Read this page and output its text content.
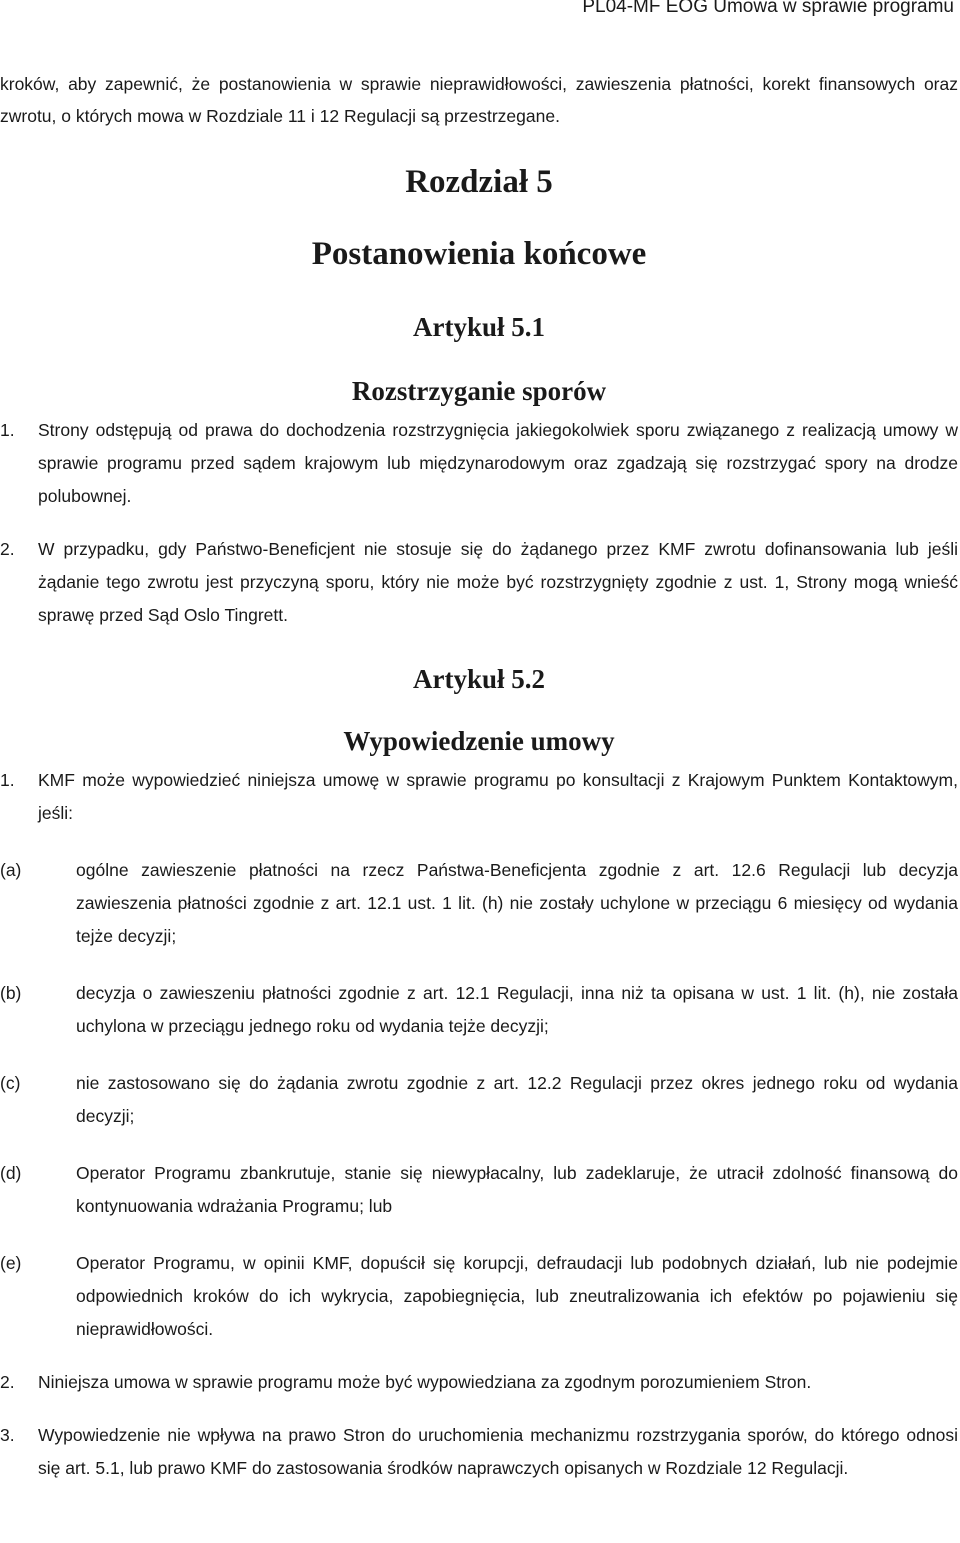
PL04-MF EOG Umowa w sprawie programu

kroków, aby zapewnić, że postanowienia w sprawie nieprawidłowości, zawieszenia płatności, korekt finansowych oraz zwrotu, o których mowa w Rozdziale 11 i 12 Regulacji są przestrzegane.

Rozdział 5
Postanowienia końcowe
Artykuł 5.1
Rozstrzyganie sporów
1.	Strony odstępują od prawa do dochodzenia rozstrzygnięcia jakiegokolwiek sporu związanego z realizacją umowy w sprawie programu przed sądem krajowym lub międzynarodowym oraz zgadzają się rozstrzygać spory na drodze polubownej.
2.	W przypadku, gdy Państwo-Beneficjent nie stosuje się do żądanego przez KMF zwrotu dofinansowania lub jeśli żądanie tego zwrotu jest przyczyną sporu, który nie może być rozstrzygnięty zgodnie z ust. 1, Strony mogą wnieść sprawę przed Sąd Oslo Tingrett.
Artykuł 5.2
Wypowiedzenie umowy
1.	KMF może wypowiedzieć niniejsza umowę w sprawie programu po konsultacji z Krajowym Punktem Kontaktowym, jeśli:
(a)	ogólne zawieszenie płatności na rzecz Państwa-Beneficjenta zgodnie z art. 12.6 Regulacji lub decyzja zawieszenia płatności zgodnie z art. 12.1 ust. 1 lit. (h) nie zostały uchylone w przeciągu 6 miesięcy od wydania tejże decyzji;
(b)	decyzja o zawieszeniu płatności zgodnie z art. 12.1 Regulacji, inna niż ta opisana w ust. 1 lit. (h), nie została uchylona w przeciągu jednego roku od wydania tejże decyzji;
(c)	nie zastosowano się do żądania zwrotu zgodnie z art. 12.2 Regulacji przez okres jednego roku od wydania decyzji;
(d)	Operator Programu zbankrutuje, stanie się niewypłacalny, lub zadeklaruje, że utracił zdolność finansową do kontynuowania wdrażania Programu; lub
(e)	Operator Programu, w opinii KMF, dopuścił się korupcji, defraudacji lub podobnych działań, lub nie podejmie odpowiednich kroków do ich wykrycia, zapobiegnięcia, lub zneutralizowania ich efektów po pojawieniu się nieprawidłowości.
2.	Niniejsza umowa w sprawie programu może być wypowiedziana za zgodnym porozumieniem Stron.
3.	Wypowiedzenie nie wpływa na prawo Stron do uruchomienia mechanizmu rozstrzygania sporów, do którego odnosi się art. 5.1, lub prawo KMF do zastosowania środków naprawczych opisanych w Rozdziale 12 Regulacji.
